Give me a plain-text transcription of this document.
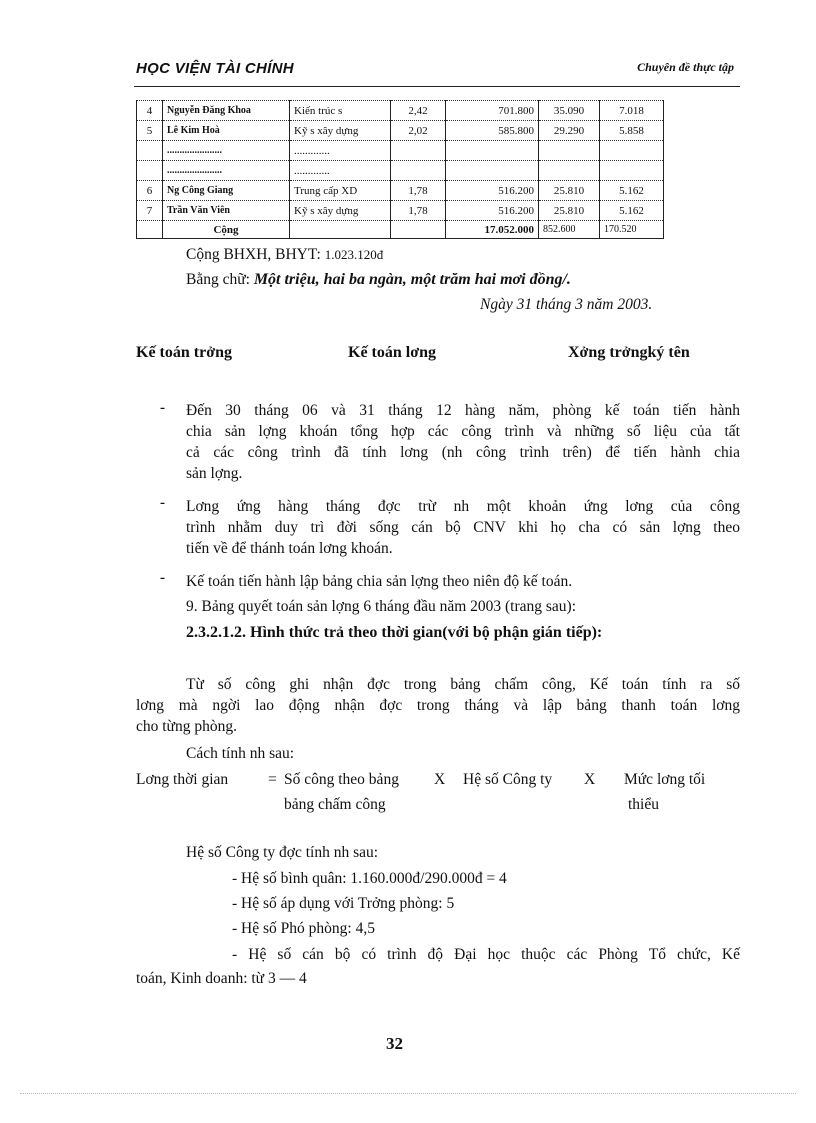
HỌC VIỆN TÀI CHÍNH	Chuyên đề thực tập
4	Nguyễn Đăng Khoa	Kiến trúc s	2,42	701.800	35.090	7.018
5	Lê Kim Hoà	Kỹ s xây dựng	2,02	585.800	29.290	5.858
	......................	.............				
	......................	.............				
6	Ng Công Giang	Trung cấp XD	1,78	516.200	25.810	5.162
7	Trần Văn Viên	Kỹ s xây dựng	1,78	516.200	25.810	5.162
	Cộng			17.052.000	852.600	170.520
Cộng BHXH, BHYT: 1.023.120đ
Bằng chữ: Một triệu, hai ba ngàn, một trăm hai mơi đồng/.
Ngày 31 tháng 3 năm 2003.
Kế toán trởng	Kế toán lơng	Xởng trởngký tên
- Đến 30 tháng 06 và 31 tháng 12 hàng năm, phòng kế toán tiến hành
chia sản lợng khoán tổng hợp các công trình và những số liệu của tất
cả các công trình đã tính lơng (nh công trình trên) để tiến hành chia
sản lợng.
- Lơng ứng hàng tháng đợc trừ nh một khoản ứng lơng của công
trình nhằm duy trì đời sống cán bộ CNV khi họ cha có sản lợng theo
tiến về để thánh toán lơng khoán.
- Kế toán tiến hành lập bảng chia sản lợng theo niên độ kế toán.
9. Bảng quyết toán sản lợng 6 tháng đầu năm 2003 (trang sau):
2.3.2.1.2. Hình thức trả theo thời gian(với bộ phận gián tiếp):
Từ số công ghi nhận đợc trong bảng chấm công, Kế toán tính ra số
lơng mà ngời lao động nhận đợc trong tháng và lập bảng thanh toán lơng
cho từng phòng.
Cách tính nh sau:
Lơng thời gian	= Số công theo bảng X Hệ số Công ty X Mức lơng tối
bảng chấm công	thiểu
Hệ số Công ty đợc tính nh sau:
- Hệ số bình quân: 1.160.000đ/290.000đ = 4
- Hệ số áp dụng với Trởng phòng: 5
- Hệ số Phó phòng: 4,5
- Hệ số cán bộ có trình độ Đại học thuộc các Phòng Tổ chức, Kế
toán, Kinh doanh: từ 3 — 4
32
